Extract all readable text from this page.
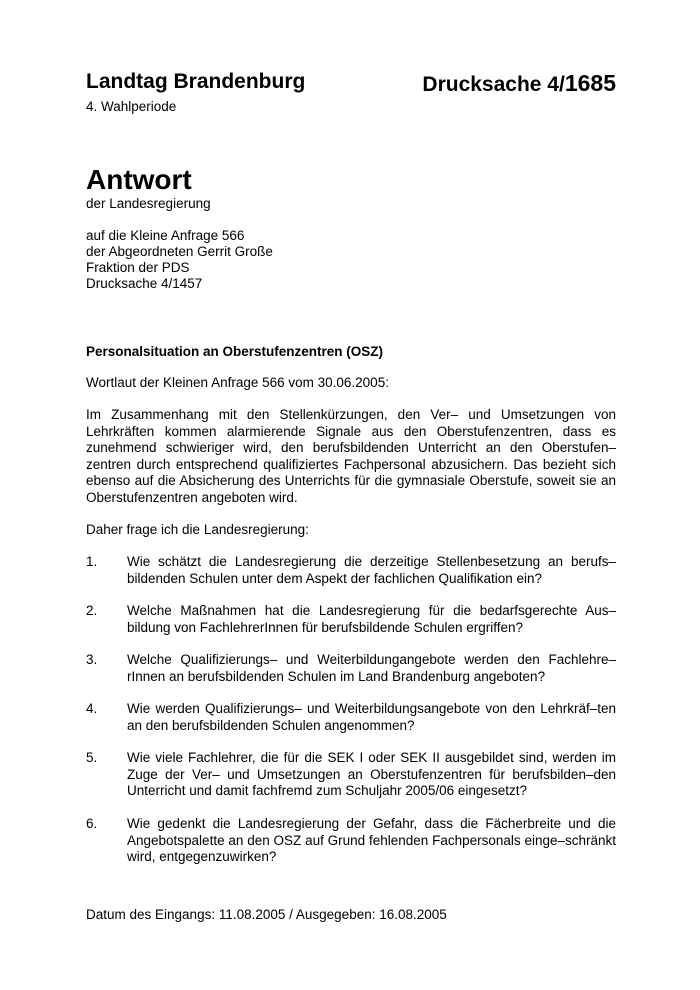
Landtag Brandenburg	Drucksache 4/1685
4. Wahlperiode
Antwort
der Landesregierung
auf die Kleine Anfrage 566
der Abgeordneten Gerrit Große
Fraktion der PDS
Drucksache 4/1457
Personalsituation an Oberstufenzentren (OSZ)
Wortlaut der Kleinen Anfrage 566 vom 30.06.2005:
Im Zusammenhang mit den Stellenkürzungen, den Ver– und Umsetzungen von Lehrkräften kommen alarmierende Signale aus den Oberstufenzentren, dass es zunehmend schwieriger wird, den berufsbildenden Unterricht an den Oberstufen–zentren durch entsprechend qualifiziertes Fachpersonal abzusichern. Das bezieht sich ebenso auf die Absicherung des Unterrichts für die gymnasiale Oberstufe, soweit sie an Oberstufenzentren angeboten wird.
Daher frage ich die Landesregierung:
1.	Wie schätzt die Landesregierung die derzeitige Stellenbesetzung an berufs–bildenden Schulen unter dem Aspekt der fachlichen Qualifikation ein?
2.	Welche Maßnahmen hat die Landesregierung für die bedarfsgerechte Aus–bildung von FachlehrerInnen für berufsbildende Schulen ergriffen?
3.	Welche Qualifizierungs– und Weiterbildungangebote werden den Fachlehre–rInnen an berufsbildenden Schulen im Land Brandenburg angeboten?
4.	Wie werden Qualifizierungs– und Weiterbildungsangebote von den Lehrkräf–ten an den berufsbildenden Schulen angenommen?
5.	Wie viele Fachlehrer, die für die SEK I oder SEK II ausgebildet sind, werden im Zuge der Ver– und Umsetzungen an Oberstufenzentren für berufsbilden–den Unterricht und damit fachfremd zum Schuljahr 2005/06 eingesetzt?
6.	Wie gedenkt die Landesregierung der Gefahr, dass die Fächerbreite und die Angebotspalette an den OSZ auf Grund fehlenden Fachpersonals einge–schränkt wird, entgegenzuwirken?
Datum des Eingangs: 11.08.2005 / Ausgegeben: 16.08.2005
